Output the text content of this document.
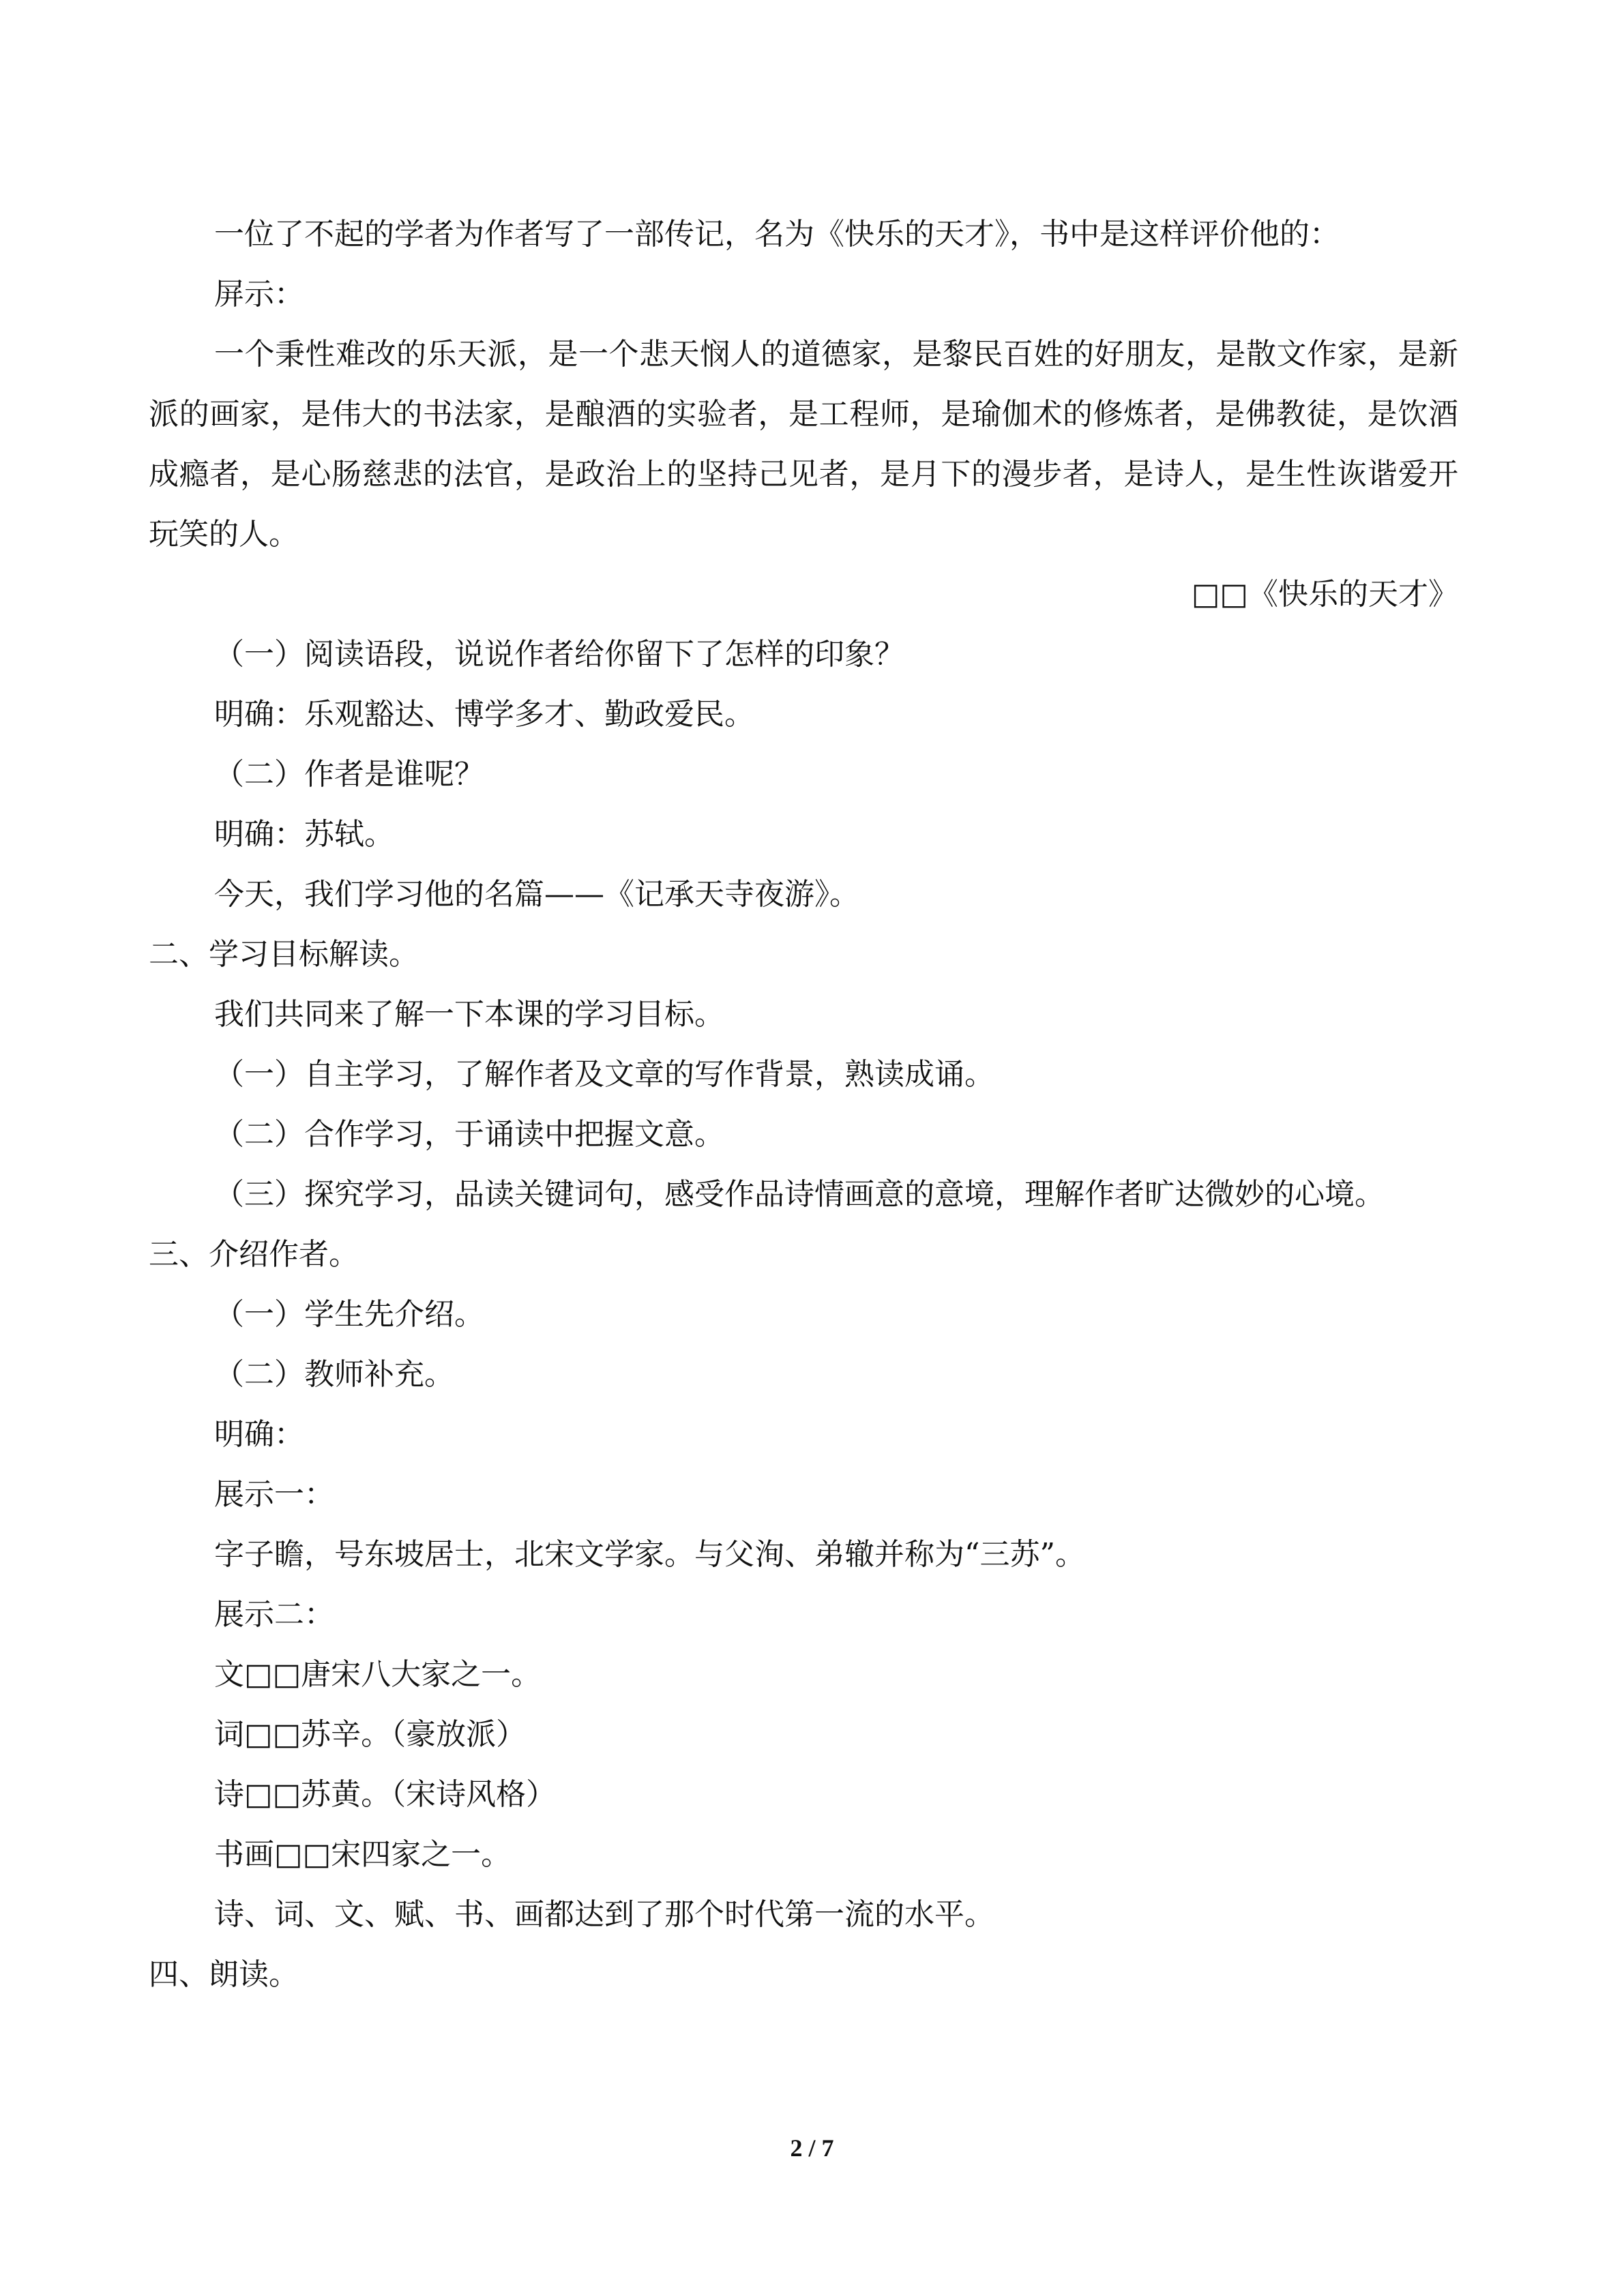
一位了不起的学者为作者写了一部传记，名为《快乐的天才》，书中是这样评价他的：
屏示：
一个秉性难改的乐天派，是一个悲天悯人的道德家，是黎民百姓的好朋友，是散文作家，是新派的画家，是伟大的书法家，是酿酒的实验者，是工程师，是瑜伽术的修炼者，是佛教徒，是饮酒成瘾者，是心肠慈悲的法官，是政治上的坚持己见者，是月下的漫步者，是诗人，是生性诙谐爱开玩笑的人。
□□《快乐的天才》
（一）阅读语段，说说作者给你留下了怎样的印象？
明确：乐观豁达、博学多才、勤政爱民。
（二）作者是谁呢？
明确：苏轼。
今天，我们学习他的名篇——《记承天寺夜游》。
二、学习目标解读。
我们共同来了解一下本课的学习目标。
（一）自主学习，了解作者及文章的写作背景，熟读成诵。
（二）合作学习，于诵读中把握文意。
（三）探究学习，品读关键词句，感受作品诗情画意的意境，理解作者旷达微妙的心境。
三、介绍作者。
（一）学生先介绍。
（二）教师补充。
明确：
展示一：
字子瞻，号东坡居士，北宋文学家。与父洵、弟辙并称为“三苏”。
展示二：
文□□唐宋八大家之一。
词□□苏辛。（豪放派）
诗□□苏黄。（宋诗风格）
书画□□宋四家之一。
诗、词、文、赋、书、画都达到了那个时代第一流的水平。
四、朗读。
2 / 7
